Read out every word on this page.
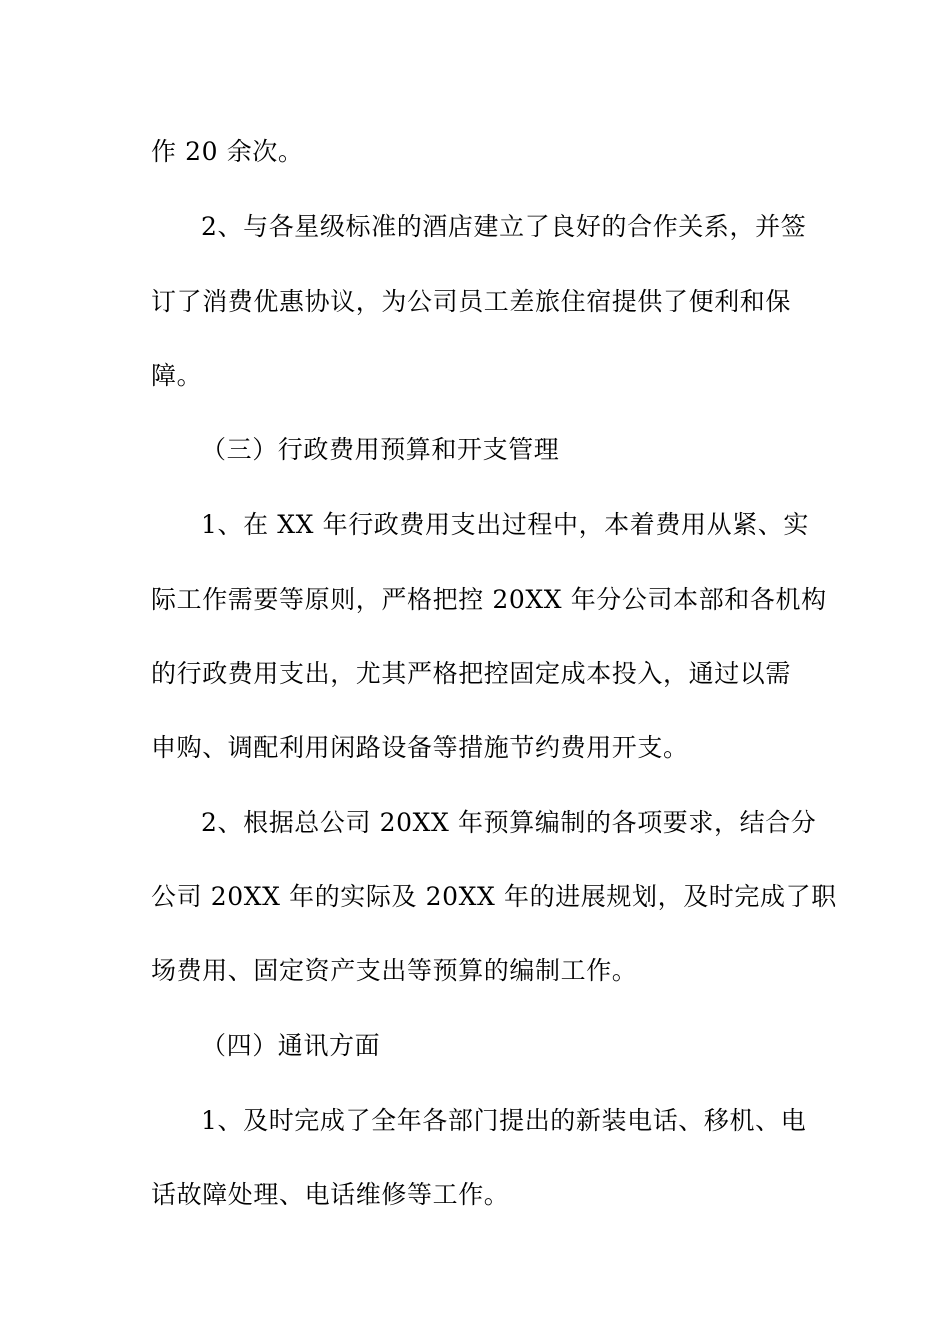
作 20 余次。
2、与各星级标准的酒店建立了良好的合作关系，并签
订了消费优惠协议，为公司员工差旅住宿提供了便利和保
障。
（三）行政费用预算和开支管理
1、在 XX 年行政费用支出过程中，本着费用从紧、实
际工作需要等原则，严格把控 20XX 年分公司本部和各机构
的行政费用支出，尤其严格把控固定成本投入，通过以需
申购、调配利用闲路设备等措施节约费用开支。
2、根据总公司 20XX 年预算编制的各项要求，结合分
公司 20XX 年的实际及 20XX 年的进展规划，及时完成了职
场费用、固定资产支出等预算的编制工作。
（四）通讯方面
1、及时完成了全年各部门提出的新装电话、移机、电
话故障处理、电话维修等工作。
